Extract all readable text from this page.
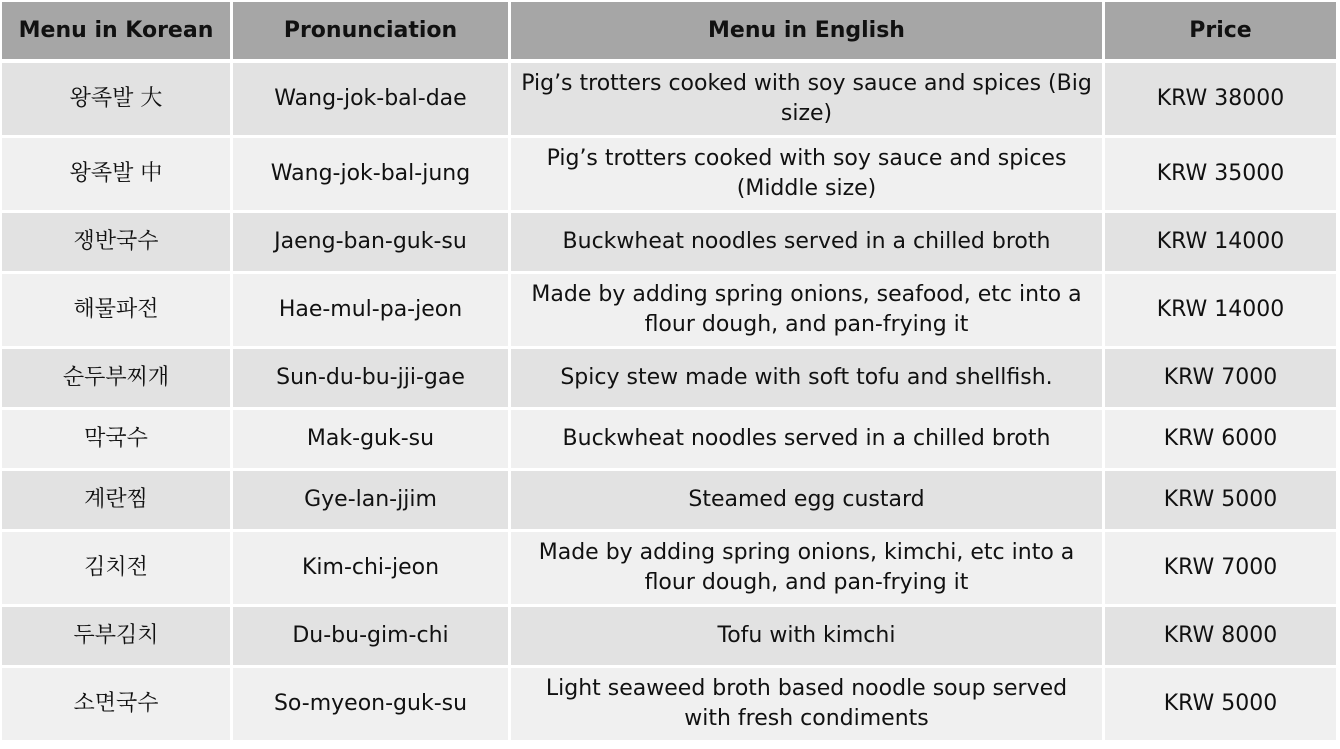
Menu in Korean	Pronunciation	Menu in English	Price
왕족발 大	Wang-jok-bal-dae	Pig’s trotters cooked with soy sauce and spices (Big size)	KRW 38000
왕족발 中	Wang-jok-bal-jung	Pig’s trotters cooked with soy sauce and spices (Middle size)	KRW 35000
쟁반국수	Jaeng-ban-guk-su	Buckwheat noodles served in a chilled broth	KRW 14000
해물파전	Hae-mul-pa-jeon	Made by adding spring onions, seafood, etc into a flour dough, and pan-frying it	KRW 14000
순두부찌개	Sun-du-bu-jji-gae	Spicy stew made with soft tofu and shellfish.	KRW 7000
막국수	Mak-guk-su	Buckwheat noodles served in a chilled broth	KRW 6000
계란찜	Gye-lan-jjim	Steamed egg custard	KRW 5000
김치전	Kim-chi-jeon	Made by adding spring onions, kimchi, etc into a flour dough, and pan-frying it	KRW 7000
두부김치	Du-bu-gim-chi	Tofu with kimchi	KRW 8000
소면국수	So-myeon-guk-su	Light seaweed broth based noodle soup served with fresh condiments	KRW 5000
